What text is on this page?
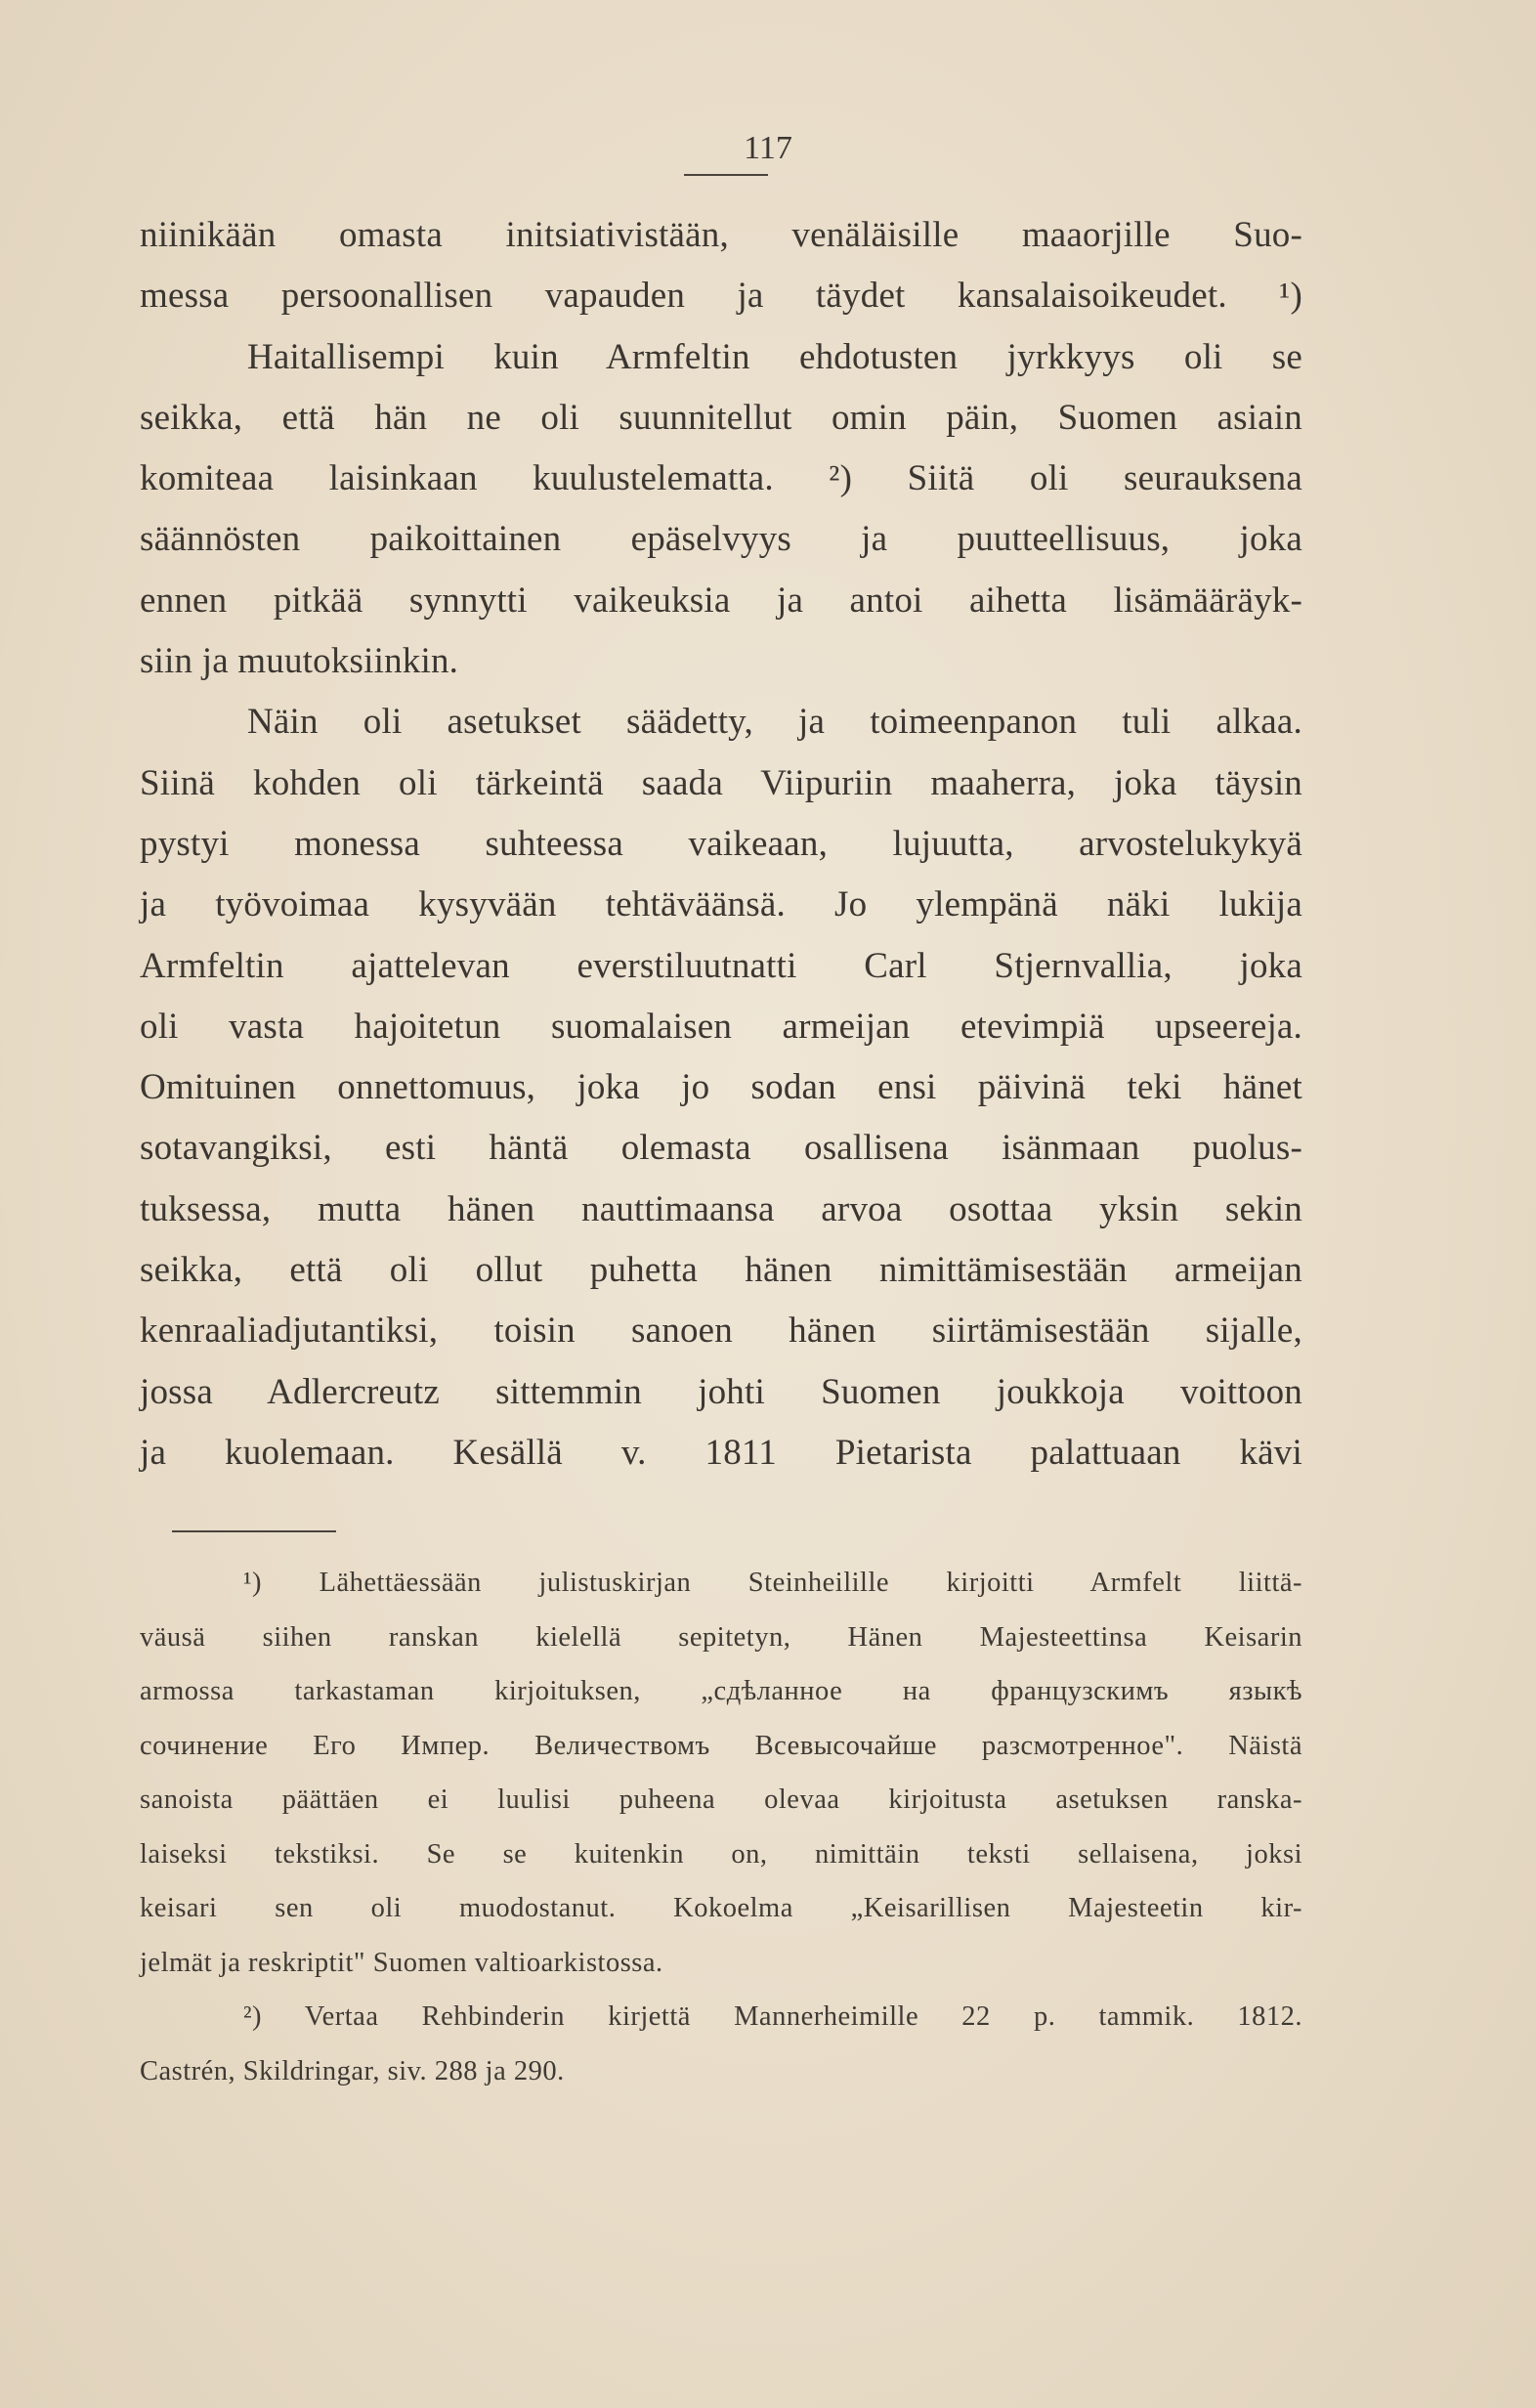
117
niinikään omasta initsiativistään, venäläisille maaorjille Suo-
messa persoonallisen vapauden ja täydet kansalaisoikeudet. ¹)
Haitallisempi kuin Armfeltin ehdotusten jyrkkyys oli se
seikka, että hän ne oli suunnitellut omin päin, Suomen asiain
komiteaa laisinkaan kuulustelematta. ²) Siitä oli seurauksena
säännösten paikoittainen epäselvyys ja puutteellisuus, joka
ennen pitkää synnytti vaikeuksia ja antoi aihetta lisämääräyk-
siin ja muutoksiinkin.
Näin oli asetukset säädetty, ja toimeenpanon tuli alkaa.
Siinä kohden oli tärkeintä saada Viipuriin maaherra, joka täysin
pystyi monessa suhteessa vaikeaan, lujuutta, arvostelukykyä
ja työvoimaa kysyvään tehtäväänsä. Jo ylempänä näki lukija
Armfeltin ajattelevan everstiluutnatti Carl Stjernvallia, joka
oli vasta hajoitetun suomalaisen armeijan etevimpiä upseereja.
Omituinen onnettomuus, joka jo sodan ensi päivinä teki hänet
sotavangiksi, esti häntä olemasta osallisena isänmaan puolus-
tuksessa, mutta hänen nauttimaansa arvoa osottaa yksin sekin
seikka, että oli ollut puhetta hänen nimittämisestään armeijan
kenraaliadjutantiksi, toisin sanoen hänen siirtämisestään sijalle,
jossa Adlercreutz sittemmin johti Suomen joukkoja voittoon
ja kuolemaan. Kesällä v. 1811 Pietarista palattuaan kävi
¹) Lähettäessään julistuskirjan Steinheilille kirjoitti Armfelt liittä-
väusä siihen ranskan kielellä sepitetyn, Hänen Majesteettinsa Keisarin
armossa tarkastaman kirjoituksen, „сдѣланное на французскимъ языкѣ
сочинение Его Импер. Величествомъ Всевысочайше разсмотренное". Näistä
sanoista päättäen ei luulisi puheena olevaa kirjoitusta asetuksen ranska-
laiseksi tekstiksi. Se se kuitenkin on, nimittäin teksti sellaisena, joksi
keisari sen oli muodostanut. Kokoelma „Keisarillisen Majesteetin kir-
jelmät ja reskriptit" Suomen valtioarkistossa.
²) Vertaa Rehbinderin kirjettä Mannerheimille 22 p. tammik. 1812.
Castrén, Skildringar, siv. 288 ja 290.
